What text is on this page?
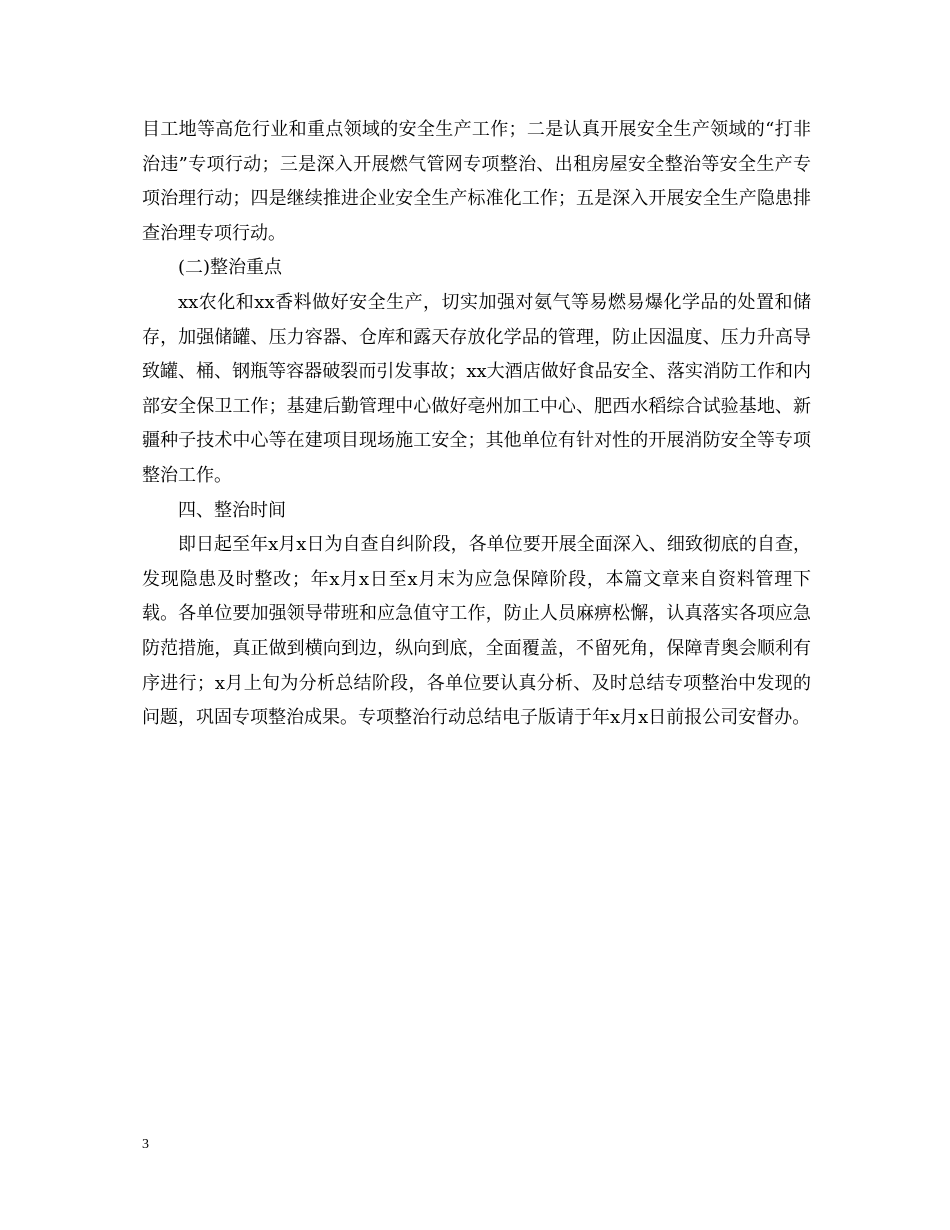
目工地等高危行业和重点领域的安全生产工作；二是认真开展安全生产领域的“打非治违”专项行动；三是深入开展燃气管网专项整治、出租房屋安全整治等安全生产专项治理行动；四是继续推进企业安全生产标准化工作；五是深入开展安全生产隐患排查治理专项行动。

(二)整治重点

xx农化和xx香料做好安全生产，切实加强对氨气等易燃易爆化学品的处置和储存，加强储罐、压力容器、仓库和露天存放化学品的管理，防止因温度、压力升高导致罐、桶、钢瓶等容器破裂而引发事故；xx大酒店做好食品安全、落实消防工作和内部安全保卫工作；基建后勤管理中心做好亳州加工中心、肥西水稻综合试验基地、新疆种子技术中心等在建项目现场施工安全；其他单位有针对性的开展消防安全等专项整治工作。

四、整治时间

即日起至年x月x日为自查自纠阶段，各单位要开展全面深入、细致彻底的自查，发现隐患及时整改；年x月x日至x月末为应急保障阶段，本篇文章来自资料管理下载。各单位要加强领导带班和应急值守工作，防止人员麻痹松懈，认真落实各项应急防范措施，真正做到横向到边，纵向到底，全面覆盖，不留死角，保障青奥会顺利有序进行；x月上旬为分析总结阶段，各单位要认真分析、及时总结专项整治中发现的问题，巩固专项整治成果。专项整治行动总结电子版请于年x月x日前报公司安督办。

3
